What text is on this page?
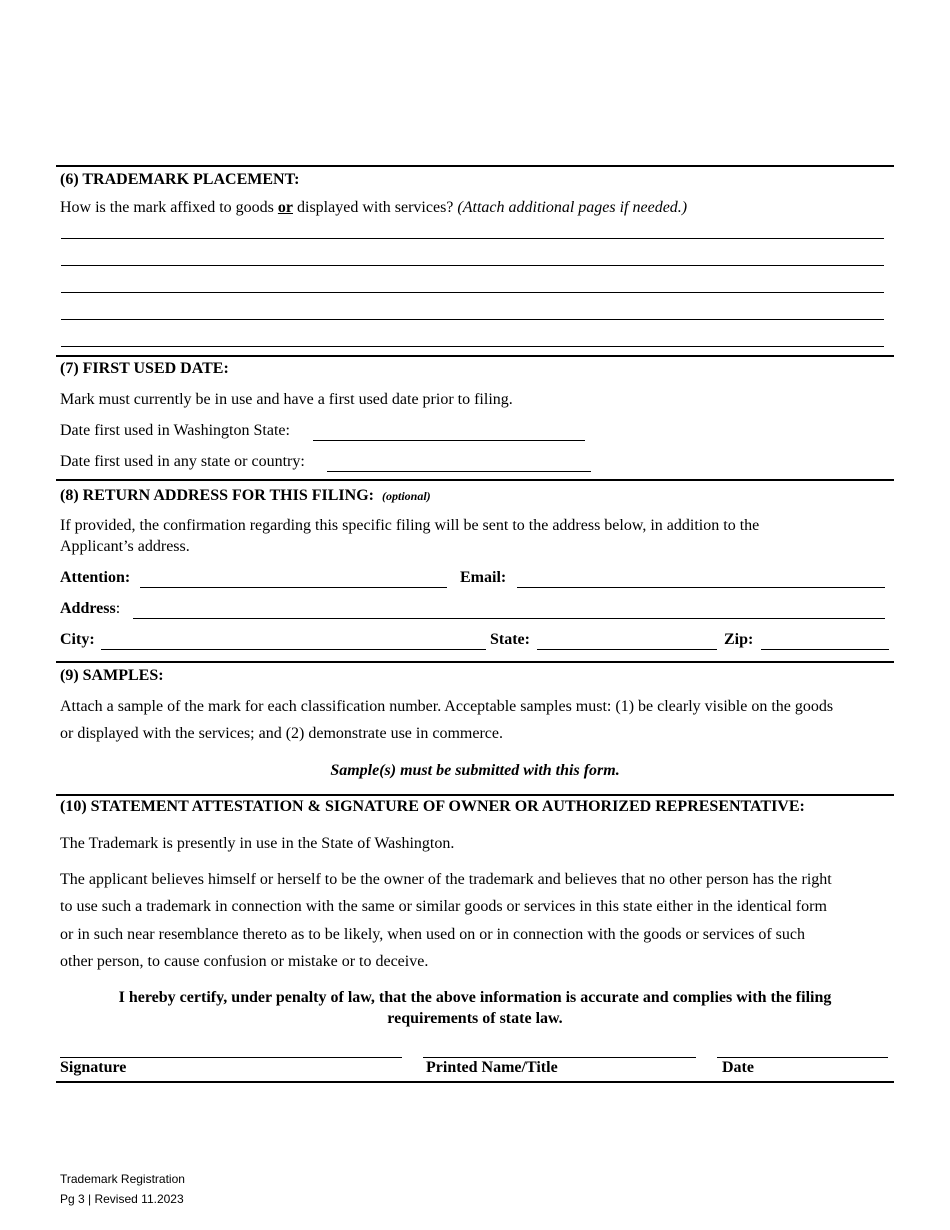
(6) TRADEMARK PLACEMENT:
How is the mark affixed to goods or displayed with services? (Attach additional pages if needed.)
(7) FIRST USED DATE:
Mark must currently be in use and have a first used date prior to filing.
Date first used in Washington State:
Date first used in any state or country:
(8) RETURN ADDRESS FOR THIS FILING: (optional)
If provided, the confirmation regarding this specific filing will be sent to the address below, in addition to the
Applicant’s address.
Attention:	Email:
Address:
City:	State:	Zip:
(9) SAMPLES:
Attach a sample of the mark for each classification number. Acceptable samples must: (1) be clearly visible on the goods
or displayed with the services; and (2) demonstrate use in commerce.
Sample(s) must be submitted with this form.
(10) STATEMENT ATTESTATION & SIGNATURE OF OWNER OR AUTHORIZED REPRESENTATIVE:
The Trademark is presently in use in the State of Washington.
The applicant believes himself or herself to be the owner of the trademark and believes that no other person has the right
to use such a trademark in connection with the same or similar goods or services in this state either in the identical form
or in such near resemblance thereto as to be likely, when used on or in connection with the goods or services of such
other person, to cause confusion or mistake or to deceive.
I hereby certify, under penalty of law, that the above information is accurate and complies with the filing
requirements of state law.
Signature	Printed Name/Title	Date
Trademark Registration
Pg 3 | Revised 11.2023
